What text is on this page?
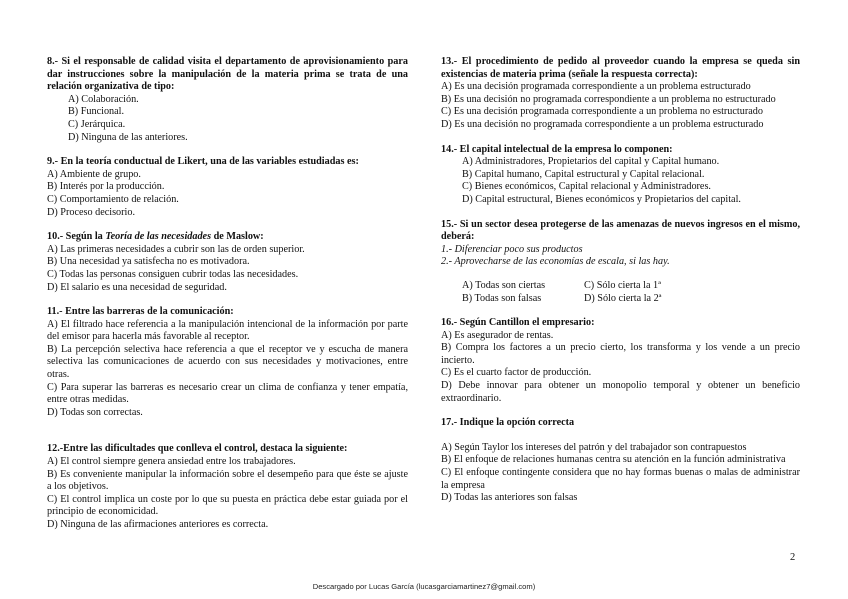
8.- Si el responsable de calidad visita el departamento de aprovisionamiento para dar instrucciones sobre la manipulación de la materia prima se trata de una relación organizativa de tipo:
A) Colaboración.
B) Funcional.
C) Jerárquica.
D) Ninguna de las anteriores.
9.- En la teoría conductual de Likert, una de las variables estudiadas es:
A) Ambiente de grupo.
B) Interés por la producción.
C) Comportamiento de relación.
D) Proceso decisorio.
10.- Según la Teoría de las necesidades de Maslow:
A) Las primeras necesidades a cubrir son las de orden superior.
B) Una necesidad ya satisfecha no es motivadora.
C) Todas las personas consiguen cubrir todas las necesidades.
D) El salario es una necesidad de seguridad.
11.- Entre las barreras de la comunicación:
A) El filtrado hace referencia a la manipulación intencional de la información por parte del emisor para hacerla más favorable al receptor.
B) La percepción selectiva hace referencia a que el receptor ve y escucha de manera selectiva las comunicaciones de acuerdo con sus necesidades y motivaciones, entre otras.
C) Para superar las barreras es necesario crear un clima de confianza y tener empatía, entre otras medidas.
D) Todas son correctas.
12.-Entre las dificultades que conlleva el control, destaca la siguiente:
A) El control siempre genera ansiedad entre los trabajadores.
B) Es conveniente manipular la información sobre el desempeño para que éste se ajuste a los objetivos.
C) El control implica un coste por lo que su puesta en práctica debe estar guiada por el principio de economicidad.
D) Ninguna de las afirmaciones anteriores es correcta.
13.- El procedimiento de pedido al proveedor cuando la empresa se queda sin existencias de materia prima (señale la respuesta correcta):
A) Es una decisión programada correspondiente a un problema estructurado
B) Es una decisión no programada correspondiente a un problema no estructurado
C) Es una decisión programada correspondiente a un problema no estructurado
D) Es una decisión no programada correspondiente a un problema estructurado
14.- El capital intelectual de la empresa lo componen:
A) Administradores, Propietarios del capital y Capital humano.
B) Capital humano, Capital estructural y Capital relacional.
C) Bienes económicos, Capital relacional y Administradores.
D) Capital estructural, Bienes económicos y Propietarios del capital.
15.- Si un sector desea protegerse de las amenazas de nuevos ingresos en el mismo, deberá:
1.- Diferenciar poco sus productos
2.- Aprovecharse de las economías de escala, si las hay.
A) Todas son ciertas	C) Sólo cierta la 1ª
B) Todas son falsas	D) Sólo cierta la 2ª
16.- Según Cantillon el empresario:
A) Es asegurador de rentas.
B) Compra los factores a un precio cierto, los transforma y los vende a un precio incierto.
C) Es el cuarto factor de producción.
D) Debe innovar para obtener un monopolio temporal y obtener un beneficio extraordinario.
17.- Indique la opción correcta
A) Según Taylor los intereses del patrón y del trabajador son contrapuestos
B) El enfoque de relaciones humanas centra su atención en la función administrativa
C) El enfoque contingente considera que no hay formas buenas o malas de administrar la empresa
D) Todas las anteriores son falsas
2
Descargado por Lucas García (lucasgarciamartinez7@gmail.com)
